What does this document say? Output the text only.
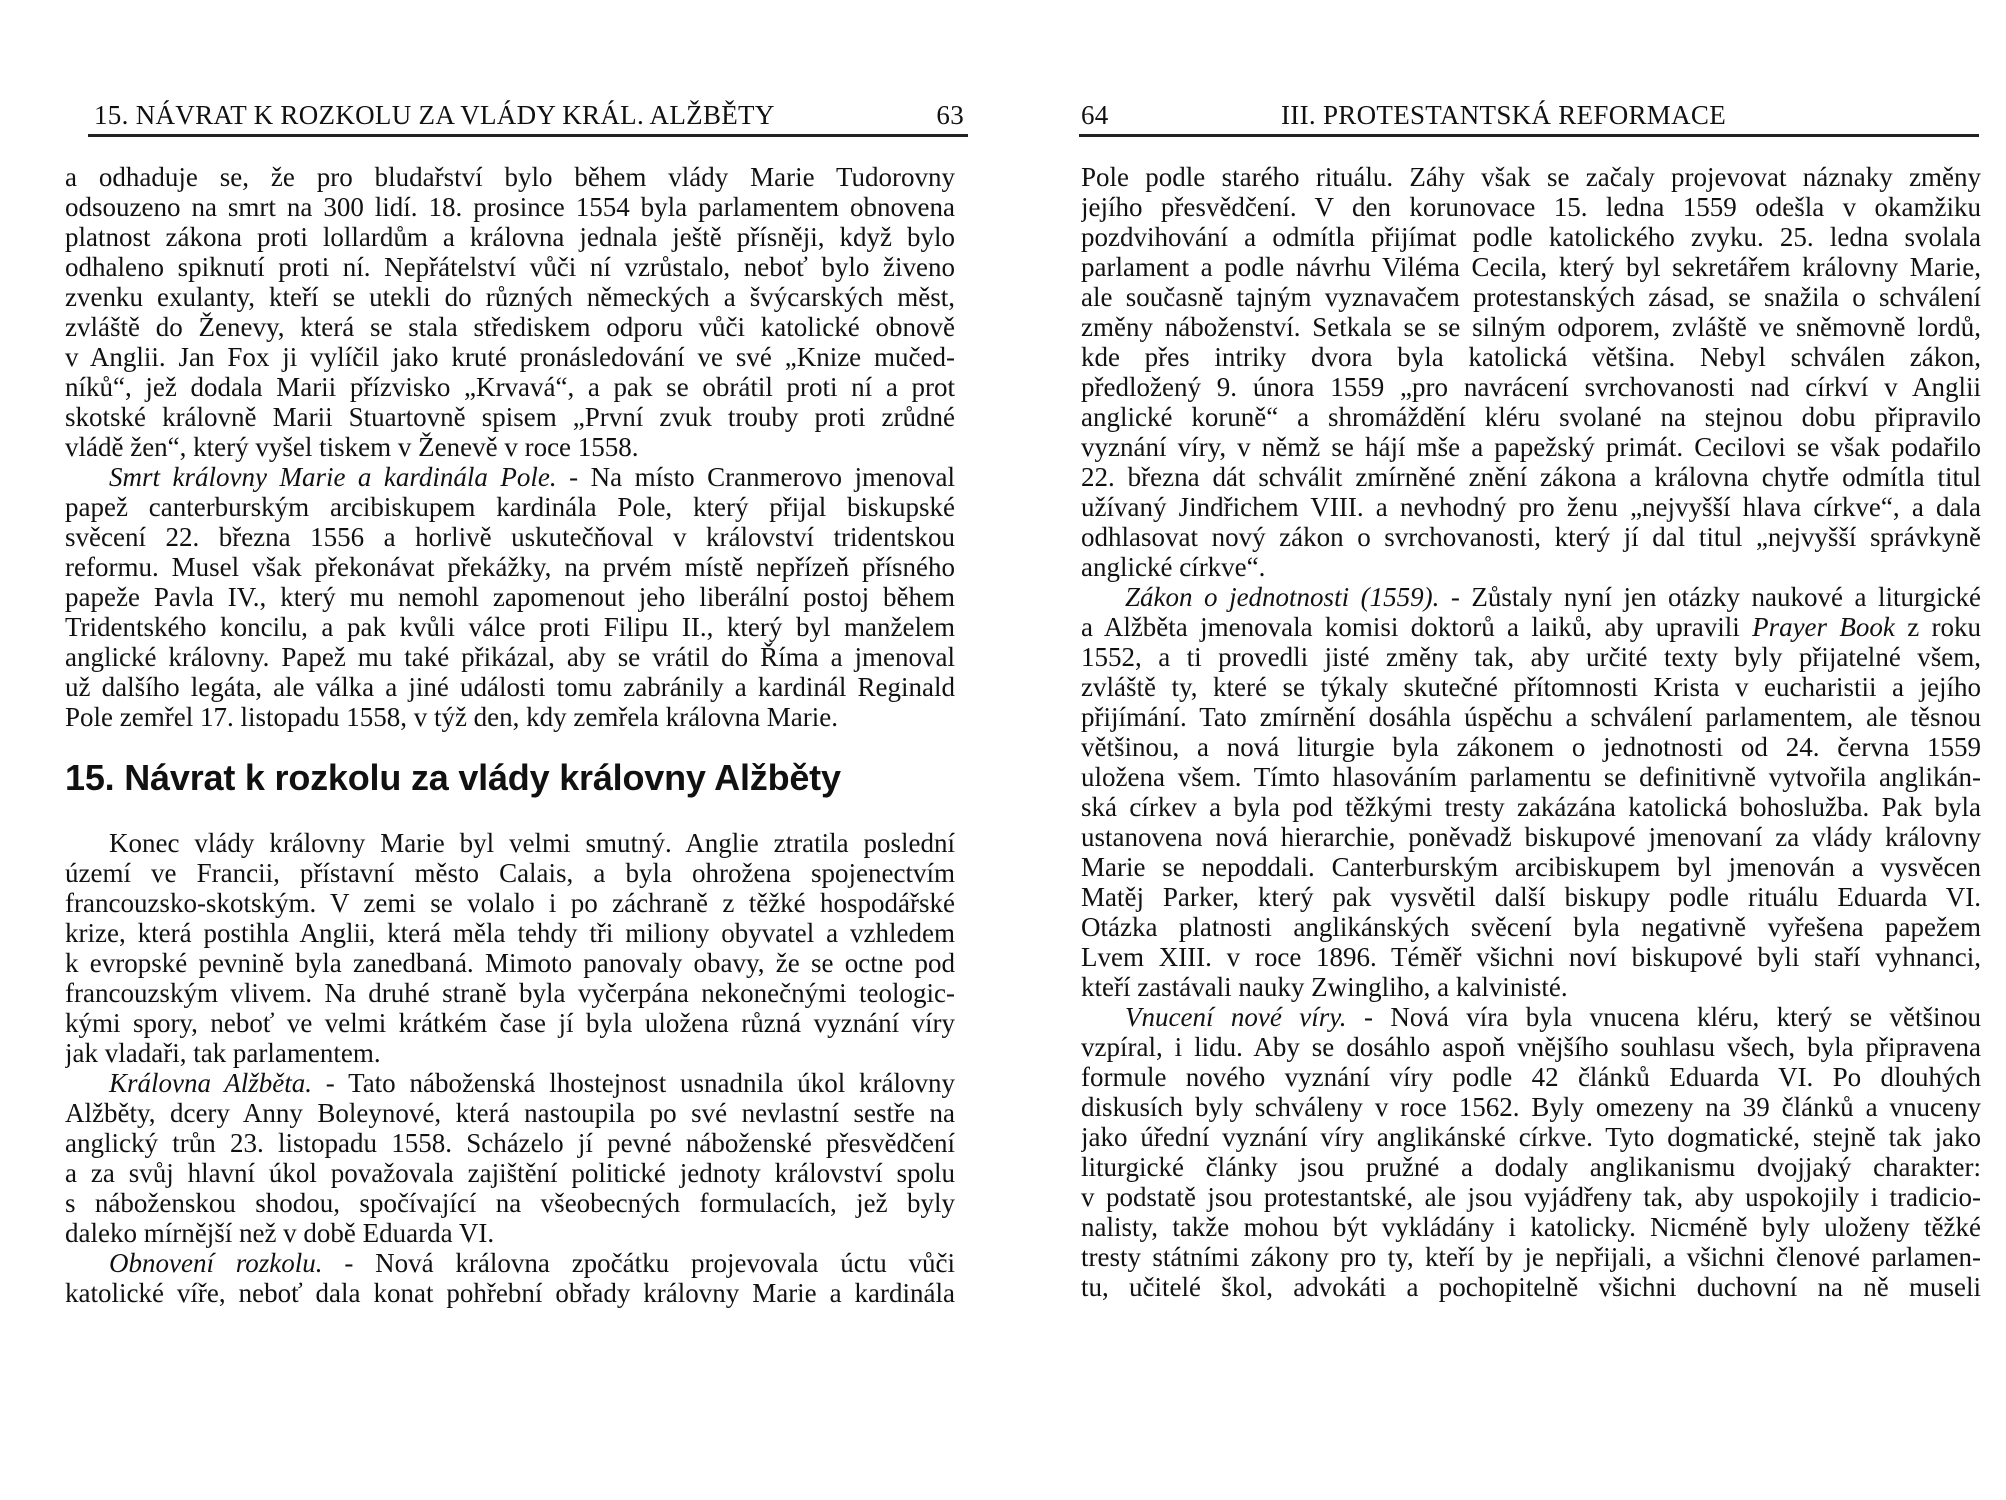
15. NÁVRAT K ROZKOLU ZA VLÁDY KRÁL. ALŽBĚTY	63
a odhaduje se, že pro bludařství bylo během vlády Marie Tudorovny
odsouzeno na smrt na 300 lidí. 18. prosince 1554 byla parlamentem obnovena
platnost zákona proti lollardům a královna jednala ještě přísněji, když bylo
odhaleno spiknutí proti ní. Nepřátelství vůči ní vzrůstalo, neboť bylo živeno
zvenku exulanty, kteří se utekli do různých německých a švýcarských měst,
zvláště do Ženevy, která se stala střediskem odporu vůči katolické obnově
v Anglii. Jan Fox ji vylíčil jako kruté pronásledování ve své „Knize mučed-
níků“, jež dodala Marii přízvisko „Krvavá“, a pak se obrátil proti ní a prot
skotské královně Marii Stuartovně spisem „První zvuk trouby proti zrůdné
vládě žen“, který vyšel tiskem v Ženevě v roce 1558.
Smrt královny Marie a kardinála Pole. - Na místo Cranmerovo jmenoval
papež canterburským arcibiskupem kardinála Pole, který přijal biskupské
svěcení 22. března 1556 a horlivě uskutečňoval v království tridentskou
reformu. Musel však překonávat překážky, na prvém místě nepřízeň přísného
papeže Pavla IV., který mu nemohl zapomenout jeho liberální postoj během
Tridentského koncilu, a pak kvůli válce proti Filipu II., který byl manželem
anglické královny. Papež mu také přikázal, aby se vrátil do Říma a jmenoval
už dalšího legáta, ale válka a jiné události tomu zabránily a kardinál Reginald
Pole zemřel 17. listopadu 1558, v týž den, kdy zemřela královna Marie.
15. Návrat k rozkolu za vlády královny Alžběty
Konec vlády královny Marie byl velmi smutný. Anglie ztratila poslední
území ve Francii, přístavní město Calais, a byla ohrožena spojenectvím
francouzsko-skotským. V zemi se volalo i po záchraně z těžké hospodářské
krize, která postihla Anglii, která měla tehdy tři miliony obyvatel a vzhledem
k evropské pevnině byla zanedbaná. Mimoto panovaly obavy, že se octne pod
francouzským vlivem. Na druhé straně byla vyčerpána nekonečnými teologic-
kými spory, neboť ve velmi krátkém čase jí byla uložena různá vyznání víry
jak vladaři, tak parlamentem.
Královna Alžběta. - Tato náboženská lhostejnost usnadnila úkol královny
Alžběty, dcery Anny Boleynové, která nastoupila po své nevlastní sestře na
anglický trůn 23. listopadu 1558. Scházelo jí pevné náboženské přesvědčení
a za svůj hlavní úkol považovala zajištění politické jednoty království spolu
s náboženskou shodou, spočívající na všeobecných formulacích, jež byly
daleko mírnější než v době Eduarda VI.
Obnovení rozkolu. - Nová královna zpočátku projevovala úctu vůči
katolické víře, neboť dala konat pohřební obřady královny Marie a kardinála
64	III. PROTESTANTSKÁ REFORMACE
Pole podle starého rituálu. Záhy však se začaly projevovat náznaky změny
jejího přesvědčení. V den korunovace 15. ledna 1559 odešla v okamžiku
pozdvihování a odmítla přijímat podle katolického zvyku. 25. ledna svolala
parlament a podle návrhu Viléma Cecila, který byl sekretářem královny Marie,
ale současně tajným vyznavačem protestanských zásad, se snažila o schválení
změny náboženství. Setkala se se silným odporem, zvláště ve sněmovně lordů,
kde přes intriky dvora byla katolická většina. Nebyl schválen zákon,
předložený 9. února 1559 „pro navrácení svrchovanosti nad církví v Anglii
anglické koruně“ a shromáždění kléru svolané na stejnou dobu připravilo
vyznání víry, v němž se hájí mše a papežský primát. Cecilovi se však podařilo
22. března dát schválit zmírněné znění zákona a královna chytře odmítla titul
užívaný Jindřichem VIII. a nevhodný pro ženu „nejvyšší hlava církve“, a dala
odhlasovat nový zákon o svrchovanosti, který jí dal titul „nejvyšší správkyně
anglické církve“.
Zákon o jednotnosti (1559). - Zůstaly nyní jen otázky naukové a liturgické
a Alžběta jmenovala komisi doktorů a laiků, aby upravili Prayer Book z roku
1552, a ti provedli jisté změny tak, aby určité texty byly přijatelné všem,
zvláště ty, které se týkaly skutečné přítomnosti Krista v eucharistii a jejího
přijímání. Tato zmírnění dosáhla úspěchu a schválení parlamentem, ale těsnou
většinou, a nová liturgie byla zákonem o jednotnosti od 24. června 1559
uložena všem. Tímto hlasováním parlamentu se definitivně vytvořila anglikán-
ská církev a byla pod těžkými tresty zakázána katolická bohoslužba. Pak byla
ustanovena nová hierarchie, poněvadž biskupové jmenovaní za vlády královny
Marie se nepoddali. Canterburským arcibiskupem byl jmenován a vysvěcen
Matěj Parker, který pak vysvětil další biskupy podle rituálu Eduarda VI.
Otázka platnosti anglikánských svěcení byla negativně vyřešena papežem
Lvem XIII. v roce 1896. Téměř všichni noví biskupové byli staří vyhnanci,
kteří zastávali nauky Zwingliho, a kalvinisté.
Vnucení nové víry. - Nová víra byla vnucena kléru, který se většinou
vzpíral, i lidu. Aby se dosáhlo aspoň vnějšího souhlasu všech, byla připravena
formule nového vyznání víry podle 42 článků Eduarda VI. Po dlouhých
diskusích byly schváleny v roce 1562. Byly omezeny na 39 článků a vnuceny
jako úřední vyznání víry anglikánské církve. Tyto dogmatické, stejně tak jako
liturgické články jsou pružné a dodaly anglikanismu dvojjaký charakter:
v podstatě jsou protestantské, ale jsou vyjádřeny tak, aby uspokojily i tradicio-
nalisty, takže mohou být vykládány i katolicky. Nicméně byly uloženy těžké
tresty státními zákony pro ty, kteří by je nepřijali, a všichni členové parlamen-
tu, učitelé škol, advokáti a pochopitelně všichni duchovní na ně museli
